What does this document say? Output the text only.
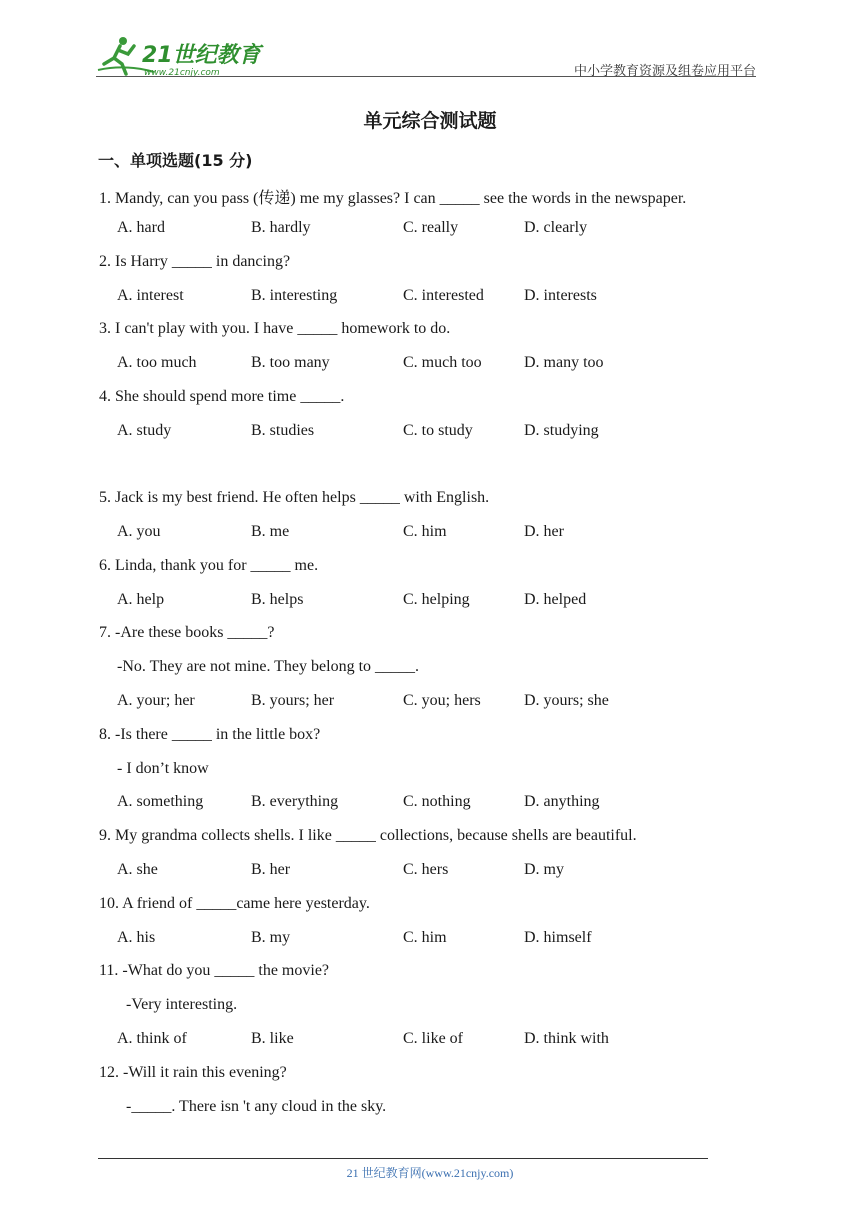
21世纪教育
www.21cnjy.com	中小学教育资源及组卷应用平台
单元综合测试题
一、单项选题(15 分)
1. Mandy, can you pass (传递) me my glasses? I can _____ see the words in the newspaper.
A. hard	B. hardly	C. really	D. clearly
2. Is Harry _____ in dancing?
A. interest	B. interesting	C. interested	D. interests
3. I can't play with you. I have _____ homework to do.
A. too much	B. too many	C. much too	D. many too
4. She should spend more time _____.
A. study	B. studies	C. to study	D. studying
5. Jack is my best friend. He often helps _____ with English.
A. you	B. me	C. him	D. her
6. Linda, thank you for _____ me.
A. help	B. helps	C. helping	D. helped
7. -Are these books _____?
-No. They are not mine. They belong to _____.
A. your; her	B. yours; her	C. you; hers	D. yours; she
8. -Is there _____ in the little box?
- I don’t know
A. something	B. everything	C. nothing	D. anything
9. My grandma collects shells. I like _____ collections, because shells are beautiful.
A. she	B. her	C. hers	D. my
10. A friend of _____came here yesterday.
A. his	B. my	C. him	D. himself
11. -What do you _____ the movie?
-Very interesting.
A. think of	B. like	C. like of	D. think with
12. -Will it rain this evening?
-_____. There isn 't any cloud in the sky.
21 世纪教育网(www.21cnjy.com)
